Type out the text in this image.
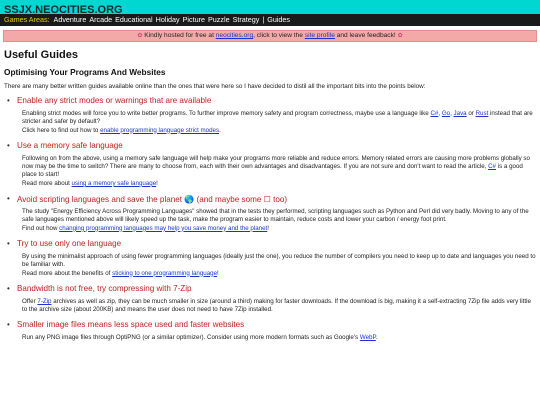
SSJX.NEOCITIES.ORG
Games Areas: Adventure Arcade Educational Holiday Picture Puzzle Strategy | Guides
✿ Kindly hosted for free at neocities.org, click to view the site profile and leave feedback! ✿
Useful Guides
Optimising Your Programs And Websites
There are many better written guides available online than the ones that were here so I have decided to distil all the important bits into the points below:
• Enable any strict modes or warnings that are available
Enabling strict modes will force you to write better programs. To further improve memory safety and program correctness, maybe use a language like C#, Go, Java or Rust instead that are stricter and safer by default?
Click here to find out how to enable programming language strict modes.
• Use a memory safe language
Following on from the above, using a memory safe language will help make your programs more reliable and reduce errors. Memory related errors are causing more problems globally so now may be the time to switch? There are many to choose from, each with their own advantages and disadvantages. If you are not sure and don't want to read the article, C# is a good place to start!
Read more about using a memory safe language!
• Avoid scripting languages and save the planet 🌎 (and maybe some ☐ too)
The study "Energy Efficiency Across Programming Languages" showed that in the tests they performed, scripting languages such as Python and Perl did very badly. Moving to any of the safe languages mentioned above will likely speed up the task, make the program easier to maintain, reduce costs and lower your carbon / energy foot print.
Find out how changing programming languages may help you save money and the planet!
• Try to use only one language
By using the minimalist approach of using fewer programming languages (ideally just the one), you reduce the number of compilers you need to keep up to date and languages you need to be familiar with.
Read more about the benefits of sticking to one programming language!
• Bandwidth is not free, try compressing with 7-Zip
Offer 7-Zip archives as well as zip, they can be much smaller in size (around a third) making for faster downloads. If the download is big, making it a self-extracting 7Zip file adds very little to the archive size (about 200KB) and means the user does not need to have 7Zip installed.
• Smaller image files means less space used and faster websites
Run any PNG image files through OptiPNG (or a similar optimizer). Consider using more modern formats such as Google's WebP.
